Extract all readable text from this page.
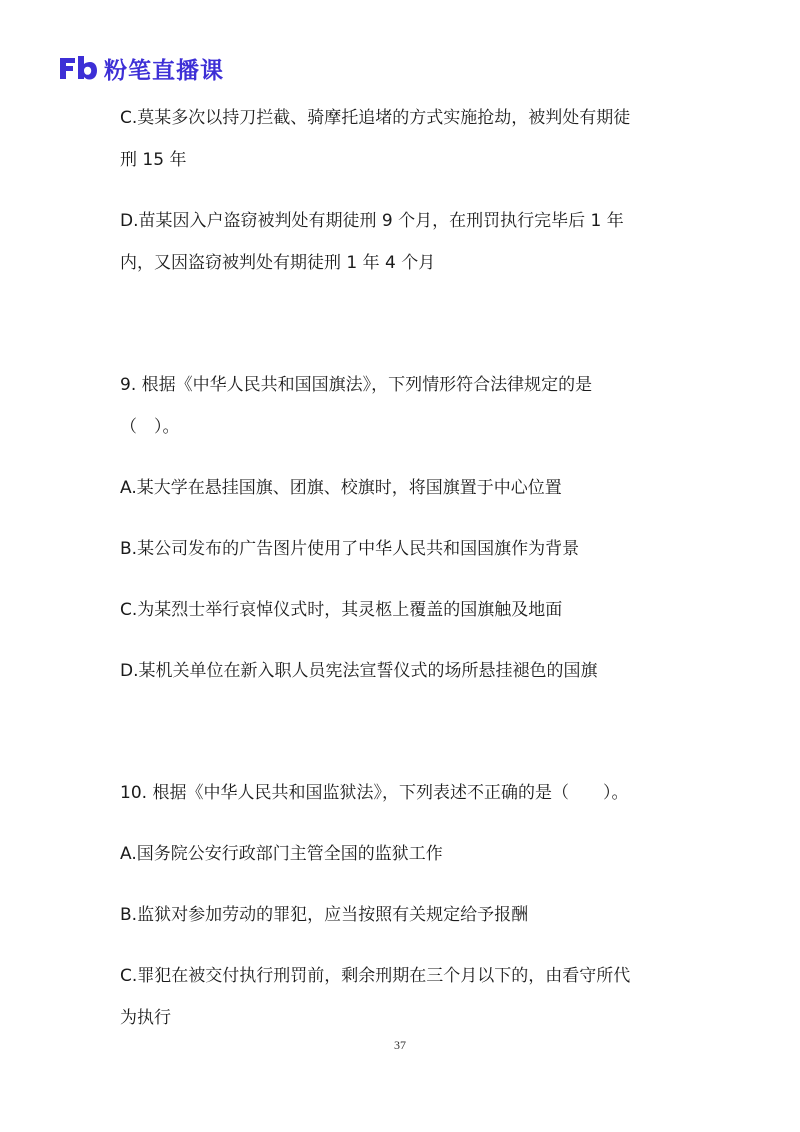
粉笔直播课
C.莫某多次以持刀拦截、骑摩托追堵的方式实施抢劫，被判处有期徒
刑 15 年
D.苗某因入户盗窃被判处有期徒刑 9 个月，在刑罚执行完毕后 1 年
内，又因盗窃被判处有期徒刑 1 年 4 个月
9. 根据《中华人民共和国国旗法》，下列情形符合法律规定的是
（　）。
A.某大学在悬挂国旗、团旗、校旗时，将国旗置于中心位置
B.某公司发布的广告图片使用了中华人民共和国国旗作为背景
C.为某烈士举行哀悼仪式时，其灵柩上覆盖的国旗触及地面
D.某机关单位在新入职人员宪法宣誓仪式的场所悬挂褪色的国旗
10. 根据《中华人民共和国监狱法》，下列表述不正确的是（　　）。
A.国务院公安行政部门主管全国的监狱工作
B.监狱对参加劳动的罪犯，应当按照有关规定给予报酬
C.罪犯在被交付执行刑罚前，剩余刑期在三个月以下的，由看守所代
为执行
37
